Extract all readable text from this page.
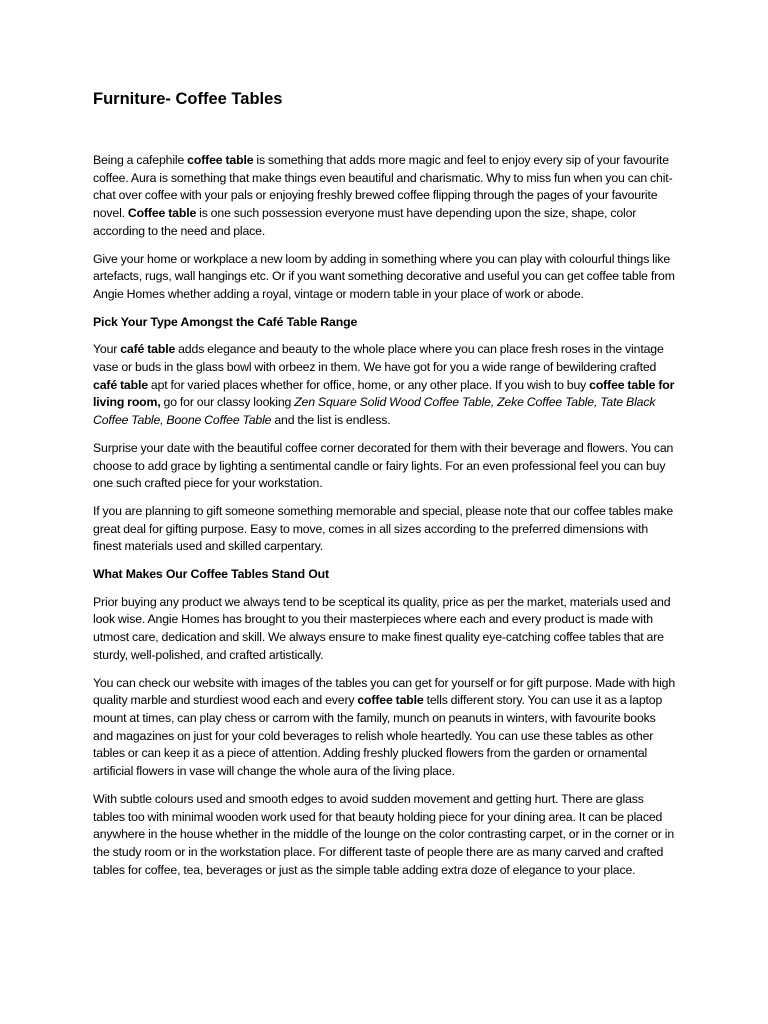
Furniture- Coffee Tables

Being a cafephile coffee table is something that adds more magic and feel to enjoy every sip of your favourite coffee. Aura is something that make things even beautiful and charismatic. Why to miss fun when you can chit-chat over coffee with your pals or enjoying freshly brewed coffee flipping through the pages of your favourite novel. Coffee table is one such possession everyone must have depending upon the size, shape, color according to the need and place.

Give your home or workplace a new loom by adding in something where you can play with colourful things like artefacts, rugs, wall hangings etc. Or if you want something decorative and useful you can get coffee table from Angie Homes whether adding a royal, vintage or modern table in your place of work or abode.

Pick Your Type Amongst the Café Table Range

Your café table adds elegance and beauty to the whole place where you can place fresh roses in the vintage vase or buds in the glass bowl with orbeez in them. We have got for you a wide range of bewildering crafted café table apt for varied places whether for office, home, or any other place. If you wish to buy coffee table for living room, go for our classy looking Zen Square Solid Wood Coffee Table, Zeke Coffee Table, Tate Black Coffee Table, Boone Coffee Table and the list is endless.

Surprise your date with the beautiful coffee corner decorated for them with their beverage and flowers. You can choose to add grace by lighting a sentimental candle or fairy lights. For an even professional feel you can buy one such crafted piece for your workstation.

If you are planning to gift someone something memorable and special, please note that our coffee tables make great deal for gifting purpose. Easy to move, comes in all sizes according to the preferred dimensions with finest materials used and skilled carpentary.

What Makes Our Coffee Tables Stand Out

Prior buying any product we always tend to be sceptical its quality, price as per the market, materials used and look wise. Angie Homes has brought to you their masterpieces where each and every product is made with utmost care, dedication and skill. We always ensure to make finest quality eye-catching coffee tables that are sturdy, well-polished, and crafted artistically.

You can check our website with images of the tables you can get for yourself or for gift purpose. Made with high quality marble and sturdiest wood each and every coffee table tells different story. You can use it as a laptop mount at times, can play chess or carrom with the family, munch on peanuts in winters, with favourite books and magazines on just for your cold beverages to relish whole heartedly. You can use these tables as other tables or can keep it as a piece of attention. Adding freshly plucked flowers from the garden or ornamental artificial flowers in vase will change the whole aura of the living place.

With subtle colours used and smooth edges to avoid sudden movement and getting hurt. There are glass tables too with minimal wooden work used for that beauty holding piece for your dining area. It can be placed anywhere in the house whether in the middle of the lounge on the color contrasting carpet, or in the corner or in the study room or in the workstation place. For different taste of people there are as many carved and crafted tables for coffee, tea, beverages or just as the simple table adding extra doze of elegance to your place.
